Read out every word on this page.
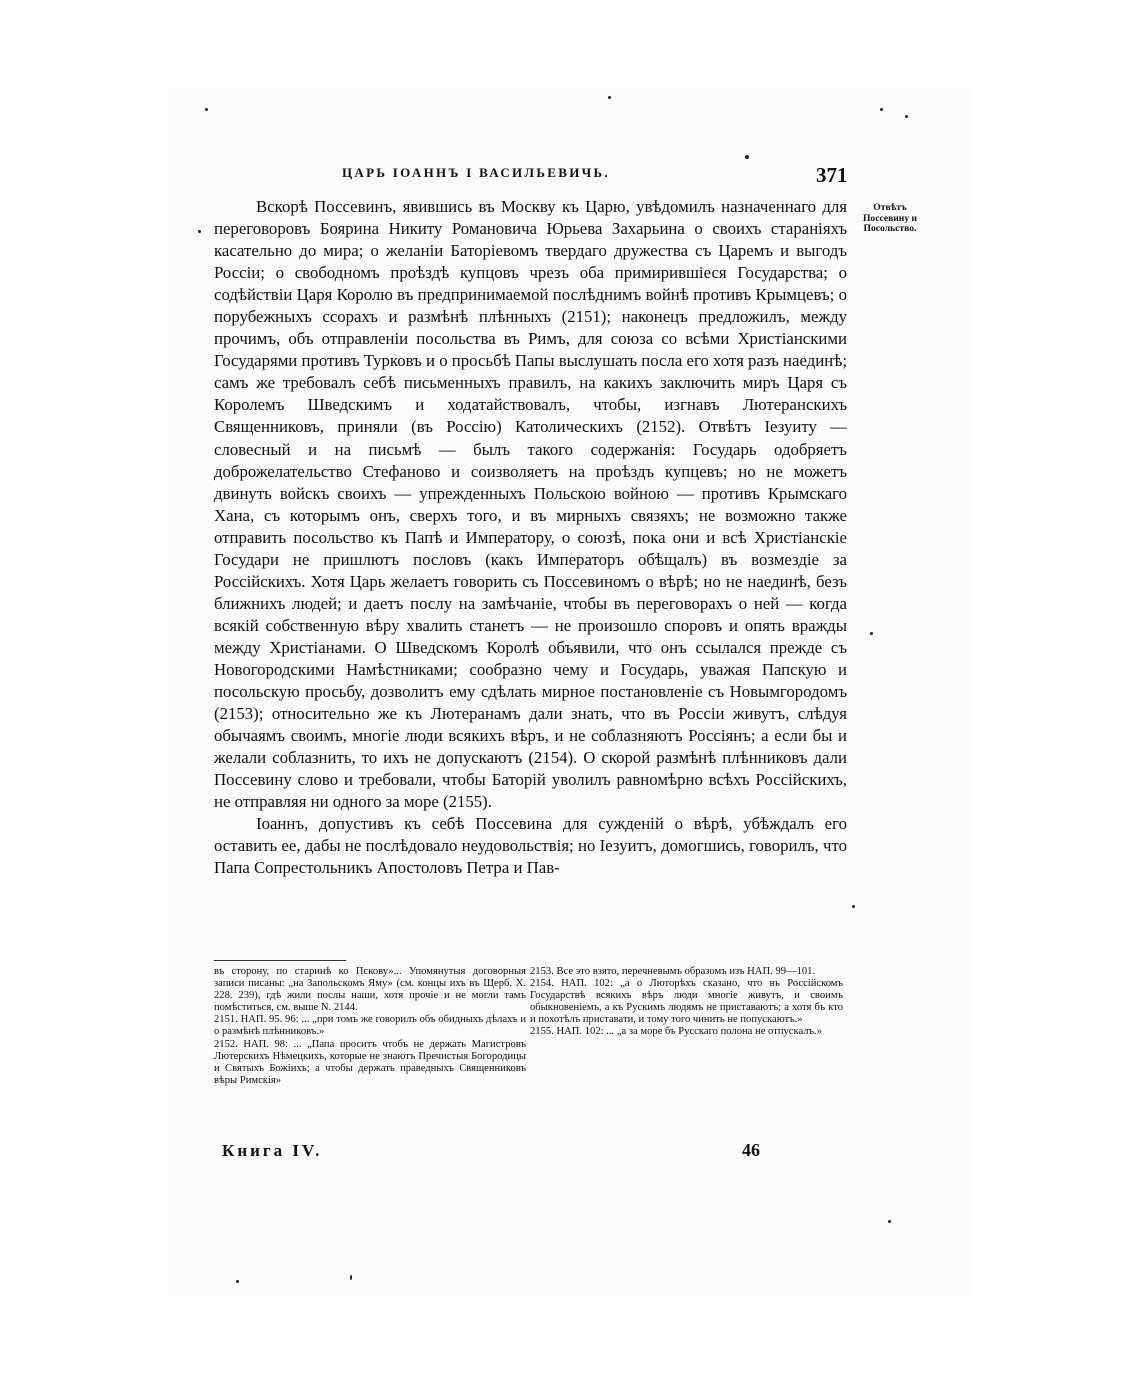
ЦАРЬ IОАННЪ I ВАСИЛЬЕВИЧЬ.	371
Отвѣтъ Поссевину и Посольство.

Вскорѣ Поссевинъ, явившись въ Москву къ Царю, увѣдомилъ назначеннаго для переговоровъ Боярина Никиту Романовича Юрьева Захарьина о своихъ стараніяхъ касательно до мира; о желаніи Баторіевомъ твердаго дружества съ Царемъ и выгодъ Россіи; о свободномъ проѣздѣ купцовъ чрезъ оба примирившіеся Государства; о содѣйствіи Царя Королю въ предпринимаемой послѣднимъ войнѣ противъ Крымцевъ; о порубежныхъ ссорахъ и размѣнѣ плѣнныхъ (2151); наконецъ предложилъ, между прочимъ, объ отправленіи посольства въ Римъ, для союза со всѣми Христіанскими Государями противъ Турковъ и о просьбѣ Папы выслушать посла его хотя разъ наединѣ; самъ же требовалъ себѣ письменныхъ правилъ, на какихъ заключить миръ Царя съ Королемъ Шведскимъ и ходатайствовалъ, чтобы, изгнавъ Лютеранскихъ Священниковъ, приняли (въ Россію) Католическихъ (2152). Отвѣтъ Iезуиту — словесный и на письмѣ — былъ такого содержанія: Государь одобряетъ доброжелательство Стефаново и соизволяетъ на проѣздъ купцевъ; но не можетъ двинуть войскъ своихъ — упрежденныхъ Польскою войною — противъ Крымскаго Хана, съ которымъ онъ, сверхъ того, и въ мирныхъ связяхъ; не возможно также отправить посольство къ Папѣ и Императору, о союзѣ, пока они и всѣ Христіанскіе Государи не пришлютъ пословъ (какъ Императоръ обѣщалъ) въ возмездіе за Россійскихъ. Хотя Царь желаетъ говорить съ Поссевиномъ о вѣрѣ; но не наединѣ, безъ ближнихъ людей; и даетъ послу на замѣчаніе, чтобы въ переговорахъ о ней — когда всякій собственную вѣру хвалить станетъ — не произошло споровъ и опять вражды между Христіанами. О Шведскомъ Королѣ объявили, что онъ ссылался прежде съ Новогородскими Намѣстниками; сообразно чему и Государь, уважая Папскую и посольскую просьбу, дозволитъ ему сдѣлать мирное постановленіе съ Новымгородомъ (2153); относительно же къ Лютеранамъ дали знать, что въ Россіи живутъ, слѣдуя обычаямъ своимъ, многіе люди всякихъ вѣръ, и не соблазняютъ Россіянъ; а если бы и желали соблазнить, то ихъ не допускаютъ (2154). О скорой размѣнѣ плѣнниковъ дали Поссевину слово и требовали, чтобы Баторій уволилъ равномѣрно всѣхъ Россійскихъ, не отправляя ни одного за море (2155).

Iоаннъ, допустивъ къ себѣ Поссевина для сужденій о вѣрѣ, убѣждалъ его оставить ее, дабы не послѣдовало неудовольствія; но Iезуитъ, домогшись, говорилъ, что Папа Сопрестольникъ Апостоловъ Петра и Пав-

въ сторону, по старинѣ ко Пскову»... Упомянутыя договорныя записи писаны: „на Запольскомъ Яму» (см. концы ихъ въ Щерб. X. 228. 239), гдѣ жили послы наши, хотя прочіе и не могли тамъ помѣститься, см. выше N. 2144.

2151. НАП. 95. 96: ... „при томъ же говорилъ объ обидныхъ дѣлахъ и о размѣнѣ плѣнниковъ.»

2152. НАП. 98: ... „Папа проситъ чтобъ не держать Магистровъ Лютерскихъ Нѣмецкихъ, которые не знаютъ Пречистыя Богородицы и Святыхъ Божіихъ; а чтобы держать праведныхъ Священниковъ вѣры Римскія»

2153. Все это взято, перечневымъ образомъ изъ НАП. 99—101.

2154. НАП. 102: „а о Люторѣхъ сказано, что въ Россійскомъ Государствѣ всякихъ вѣръ люди многіе живутъ, и своимъ обыкновеніемъ, а къ Рускимъ людямъ не приставаютъ; а хотя бъ кто и похотѣлъ приставати, и тому того чинить не попускаютъ.»

2155. НАП. 102: ... „а за море бъ Русскаго полона не отпускалъ.»

Книга IV.	46
